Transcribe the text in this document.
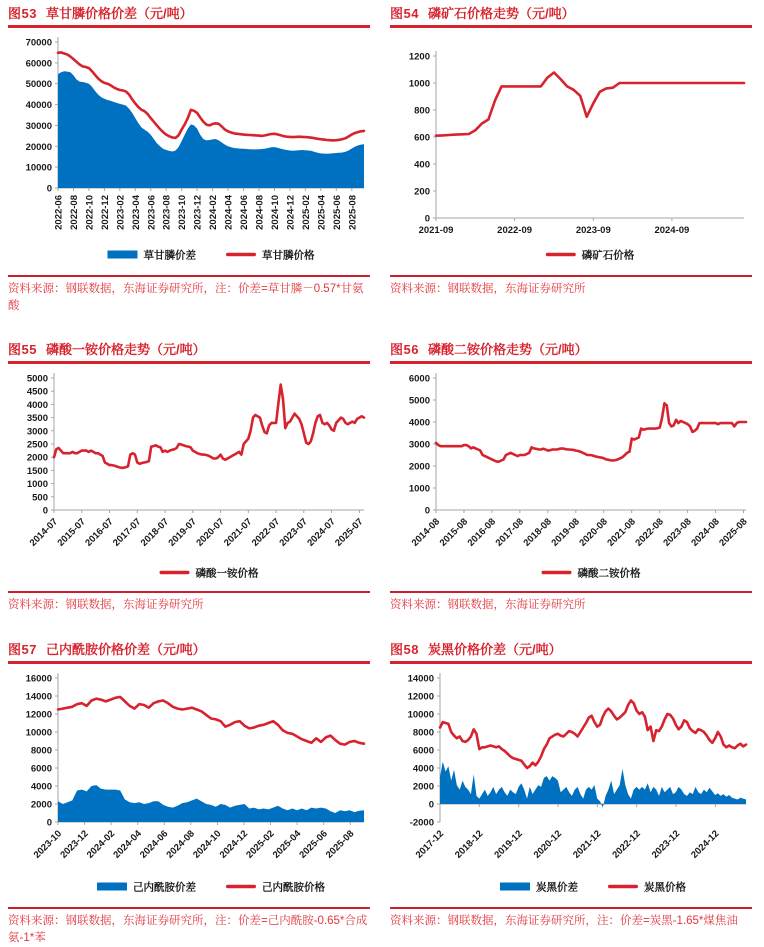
图53 草甘膦价格价差（元/吨）
0
10000
20000
30000
40000
50000
60000
70000
2022-06 2022-08 2022-10 2022-12 2023-02 2023-04 2023-06 2023-08 2023-10 2023-12 2024-02 2024-04 2024-06 2024-08 2024-10 2024-12 2025-02 2025-04 2025-06 2025-08
草甘膦价差	草甘膦价格
资料来源：钢联数据，东海证券研究所，注：价差=草甘膦－0.57*甘氨酸
图54 磷矿石价格走势（元/吨）
0
200
400
600
800
1000
1200
2021-09	2022-09	2023-09	2024-09
磷矿石价格
资料来源：钢联数据，东海证券研究所
图55 磷酸一铵价格走势（元/吨）
0
500
1000
1500
2000
2500
3000
3500
4000
4500
5000
2014-07
2015-07
2016-07
2017-07
2018-07
2019-07
2020-07
2021-07
2022-07
2023-07
2024-07
2025-07
磷酸一铵价格
资料来源：钢联数据，东海证券研究所
图56 磷酸二铵价格走势（元/吨）
0
1000
2000
3000
4000
5000
6000
2014-08
2015-08
2016-08
2017-08
2018-08
2019-08
2020-08
2021-08
2022-08
2023-08
2024-08
2025-08
磷酸二铵价格
资料来源：钢联数据，东海证券研究所
图57 己内酰胺价格价差（元/吨）
0
2000
4000
6000
8000
10000
12000
14000
16000
2023-10
2023-12
2024-02
2024-04
2024-06
2024-08
2024-10
2024-12
2025-02
2025-04
2025-06
2025-08
己内酰胺价差	己内酰胺价格
资料来源：钢联数据，东海证券研究所，注：价差=己内酰胺-0.65*合成氨-1*苯
图58 炭黑价格价差（元/吨）
-2000
0
2000
4000
6000
8000
10000
12000
14000
2017-12 2018-12 2019-12 2020-12 2021-12 2022-12 2023-12 2024-12
炭黑价差	炭黑价格
资料来源：钢联数据，东海证券研究所，注：价差=炭黑-1.65*煤焦油
